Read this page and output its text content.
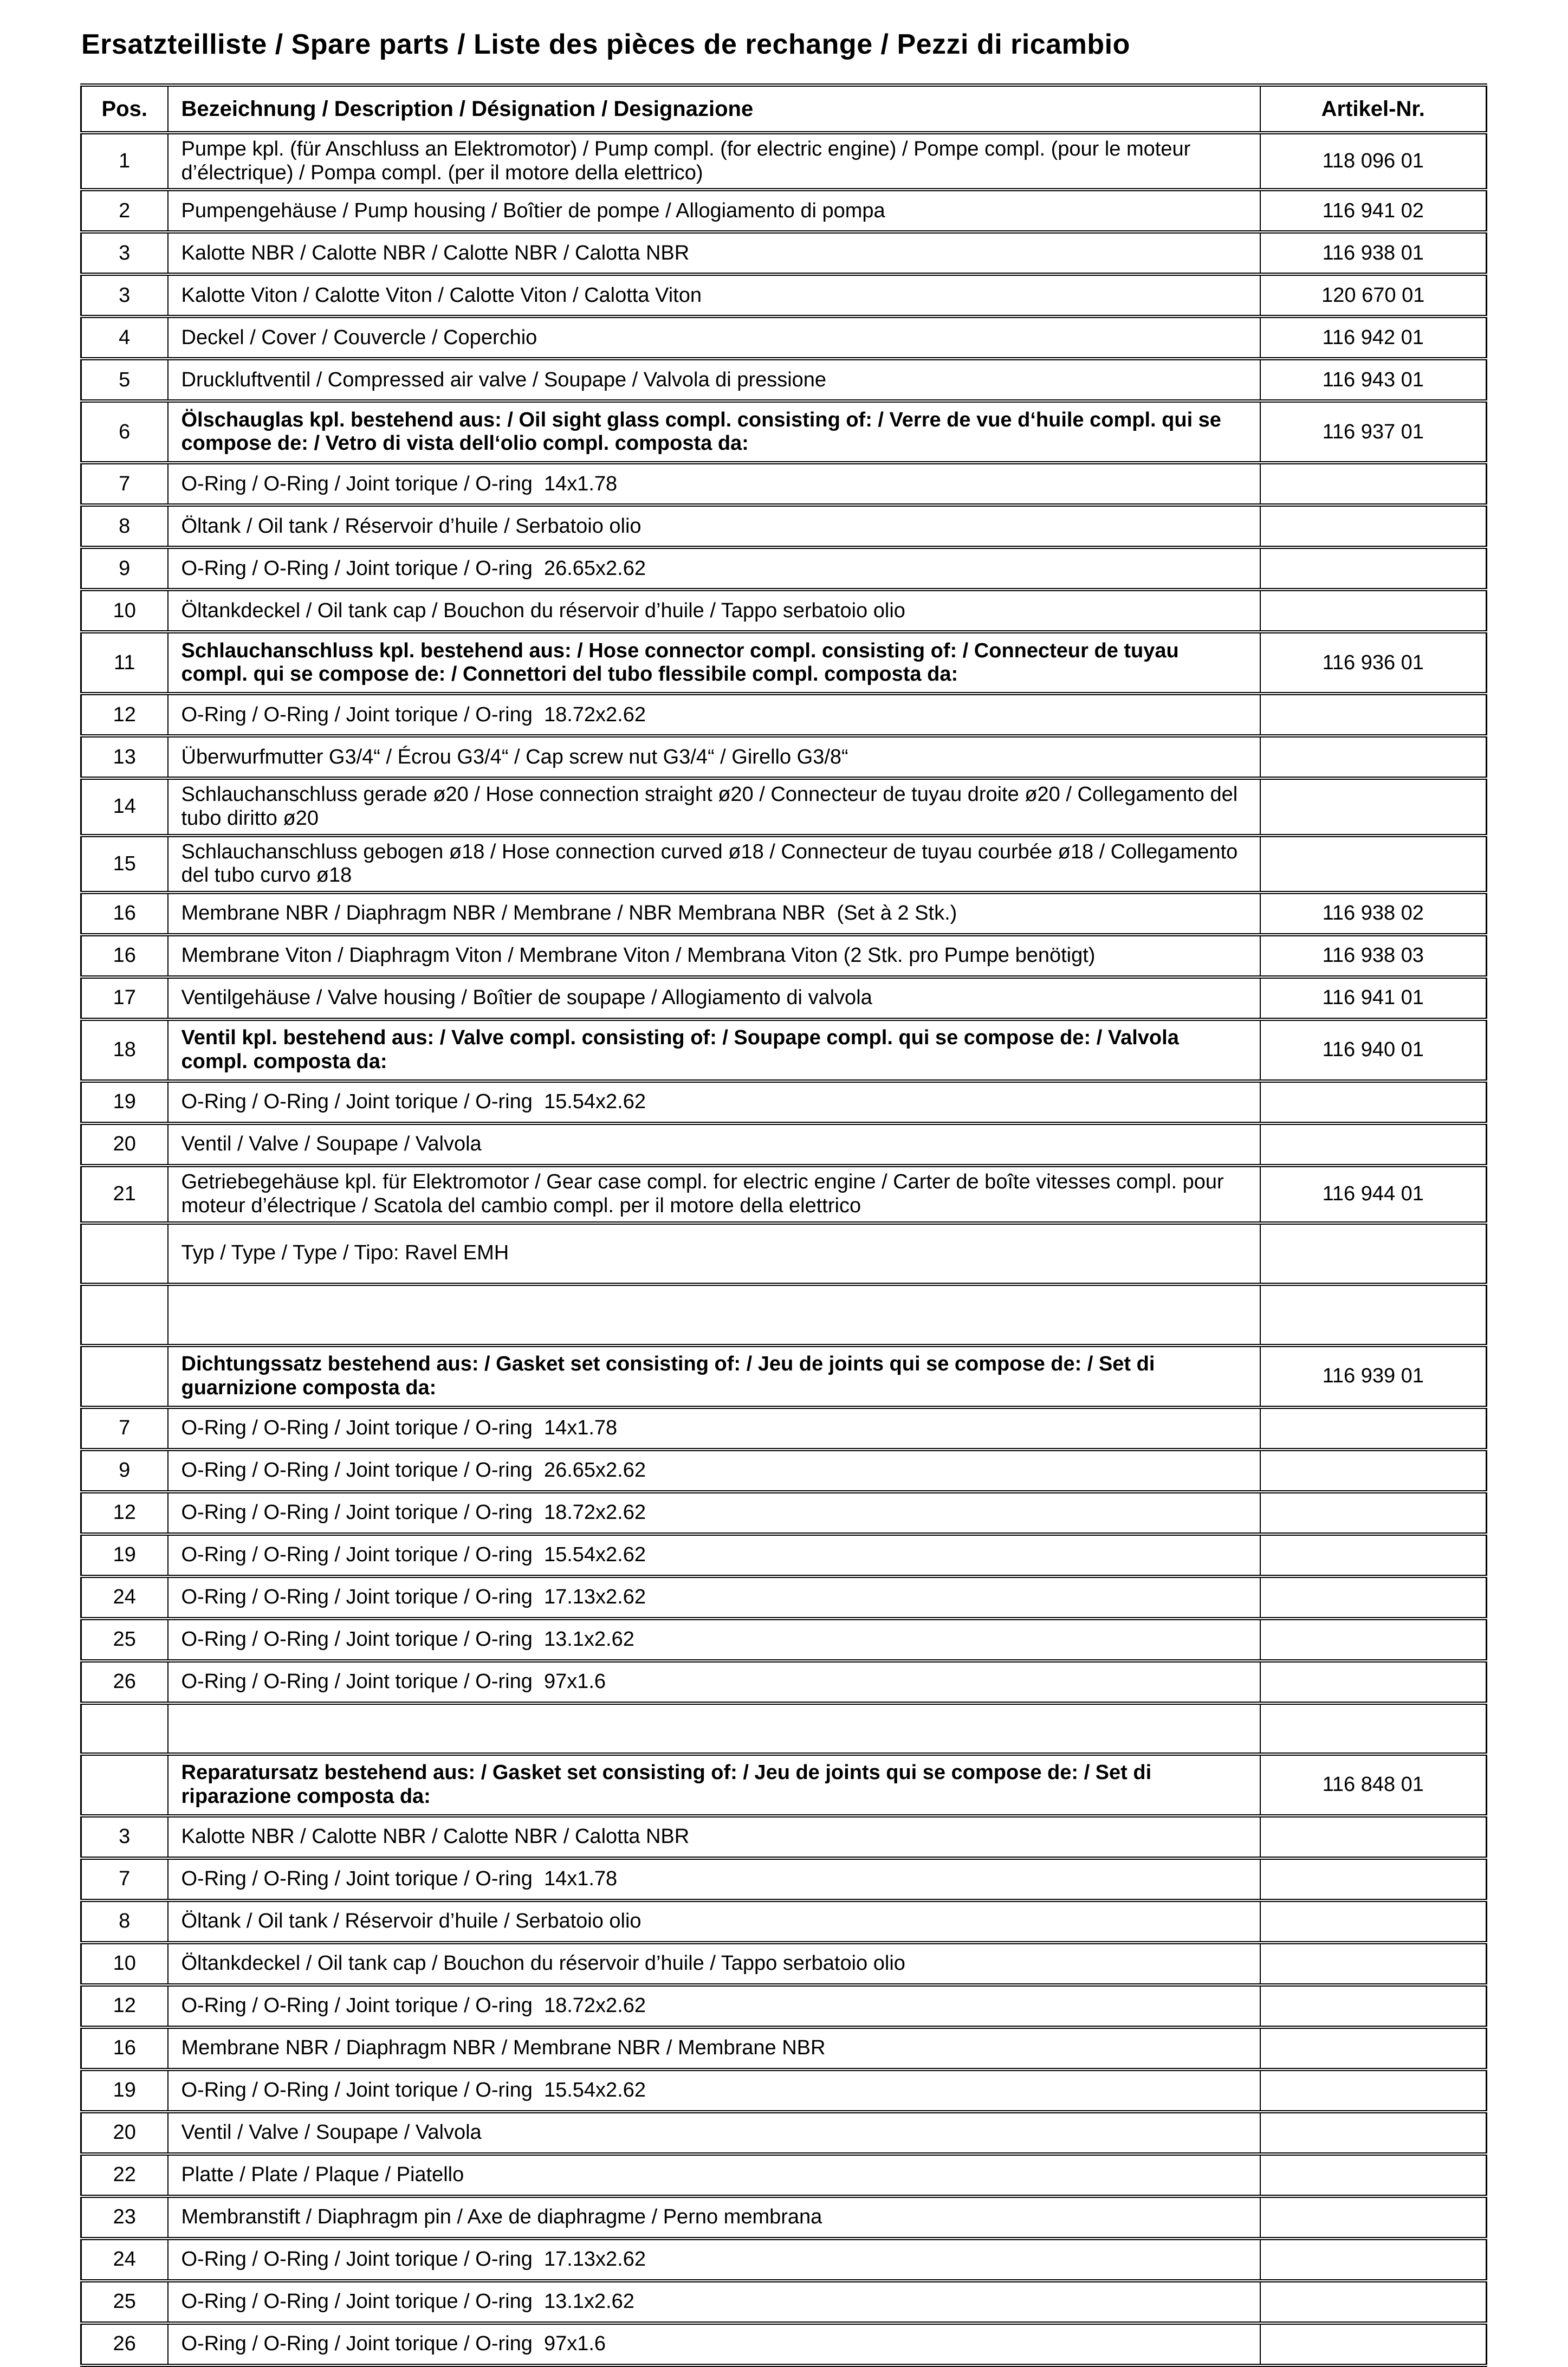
Ersatzteilliste / Spare parts / Liste des pièces de rechange / Pezzi di ricambio
Pos.	Bezeichnung / Description / Désignation / Designazione	Artikel-Nr.
1	Pumpe kpl. (für Anschluss an Elektromotor) / Pump compl. (for electric engine) / Pompe compl. (pour le moteur d’électrique) / Pompa compl. (per il motore della elettrico)	118 096 01
2	Pumpengehäuse / Pump housing / Boîtier de pompe / Allogiamento di pompa	116 941 02
3	Kalotte NBR / Calotte NBR / Calotte NBR / Calotta NBR	116 938 01
3	Kalotte Viton / Calotte Viton / Calotte Viton / Calotta Viton	120 670 01
4	Deckel / Cover / Couvercle / Coperchio	116 942 01
5	Druckluftventil / Compressed air valve / Soupape / Valvola di pressione	116 943 01
6	Ölschauglas kpl. bestehend aus: / Oil sight glass compl. consisting of: / Verre de vue d‘huile compl. qui se compose de: / Vetro di vista dell‘olio compl. composta da:	116 937 01
7	O-Ring / O-Ring / Joint torique / O-ring  14x1.78	
8	Öltank / Oil tank / Réservoir d’huile / Serbatoio olio	
9	O-Ring / O-Ring / Joint torique / O-ring  26.65x2.62	
10	Öltankdeckel / Oil tank cap / Bouchon du réservoir d’huile / Tappo serbatoio olio	
11	Schlauchanschluss kpl. bestehend aus: / Hose connector compl. consisting of: / Connecteur de tuyau compl. qui se compose de: / Connettori del tubo flessibile compl. composta da:	116 936 01
12	O-Ring / O-Ring / Joint torique / O-ring  18.72x2.62	
13	Überwurfmutter G3/4“ / Écrou G3/4“ / Cap screw nut G3/4“ / Girello G3/8“	
14	Schlauchanschluss gerade ø20 / Hose connection straight ø20 / Connecteur de tuyau droite ø20 / Collegamento del tubo diritto ø20	
15	Schlauchanschluss gebogen ø18 / Hose connection curved ø18 / Connecteur de tuyau courbée ø18 / Collegamento del tubo curvo ø18	
16	Membrane NBR / Diaphragm NBR / Membrane / NBR Membrana NBR  (Set à 2 Stk.)	116 938 02
16	Membrane Viton / Diaphragm Viton / Membrane Viton / Membrana Viton (2 Stk. pro Pumpe benötigt)	116 938 03
17	Ventilgehäuse / Valve housing / Boîtier de soupape / Allogiamento di valvola	116 941 01
18	Ventil kpl. bestehend aus: / Valve compl. consisting of: / Soupape compl. qui se compose de: / Valvola compl. composta da:	116 940 01
19	O-Ring / O-Ring / Joint torique / O-ring  15.54x2.62	
20	Ventil / Valve / Soupape / Valvola	
21	Getriebegehäuse kpl. für Elektromotor / Gear case compl. for electric engine / Carter de boîte vitesses compl. pour moteur d’électrique / Scatola del cambio compl. per il motore della elettrico	116 944 01
	Typ / Type / Type / Tipo: Ravel EMH	

	Dichtungssatz bestehend aus: / Gasket set consisting of: / Jeu de joints qui se compose de: / Set di guarnizione composta da:	116 939 01
7	O-Ring / O-Ring / Joint torique / O-ring  14x1.78	
9	O-Ring / O-Ring / Joint torique / O-ring  26.65x2.62	
12	O-Ring / O-Ring / Joint torique / O-ring  18.72x2.62	
19	O-Ring / O-Ring / Joint torique / O-ring  15.54x2.62	
24	O-Ring / O-Ring / Joint torique / O-ring  17.13x2.62	
25	O-Ring / O-Ring / Joint torique / O-ring  13.1x2.62	
26	O-Ring / O-Ring / Joint torique / O-ring  97x1.6	

	Reparatursatz bestehend aus: / Gasket set consisting of: / Jeu de joints qui se compose de: / Set di riparazione composta da:	116 848 01
3	Kalotte NBR / Calotte NBR / Calotte NBR / Calotta NBR	
7	O-Ring / O-Ring / Joint torique / O-ring  14x1.78	
8	Öltank / Oil tank / Réservoir d’huile / Serbatoio olio	
10	Öltankdeckel / Oil tank cap / Bouchon du réservoir d’huile / Tappo serbatoio olio	
12	O-Ring / O-Ring / Joint torique / O-ring  18.72x2.62	
16	Membrane NBR / Diaphragm NBR / Membrane NBR / Membrane NBR	
19	O-Ring / O-Ring / Joint torique / O-ring  15.54x2.62	
20	Ventil / Valve / Soupape / Valvola	
22	Platte / Plate / Plaque / Piatello	
23	Membranstift / Diaphragm pin / Axe de diaphragme / Perno membrana	
24	O-Ring / O-Ring / Joint torique / O-ring  17.13x2.62	
25	O-Ring / O-Ring / Joint torique / O-ring  13.1x2.62	
26	O-Ring / O-Ring / Joint torique / O-ring  97x1.6	
